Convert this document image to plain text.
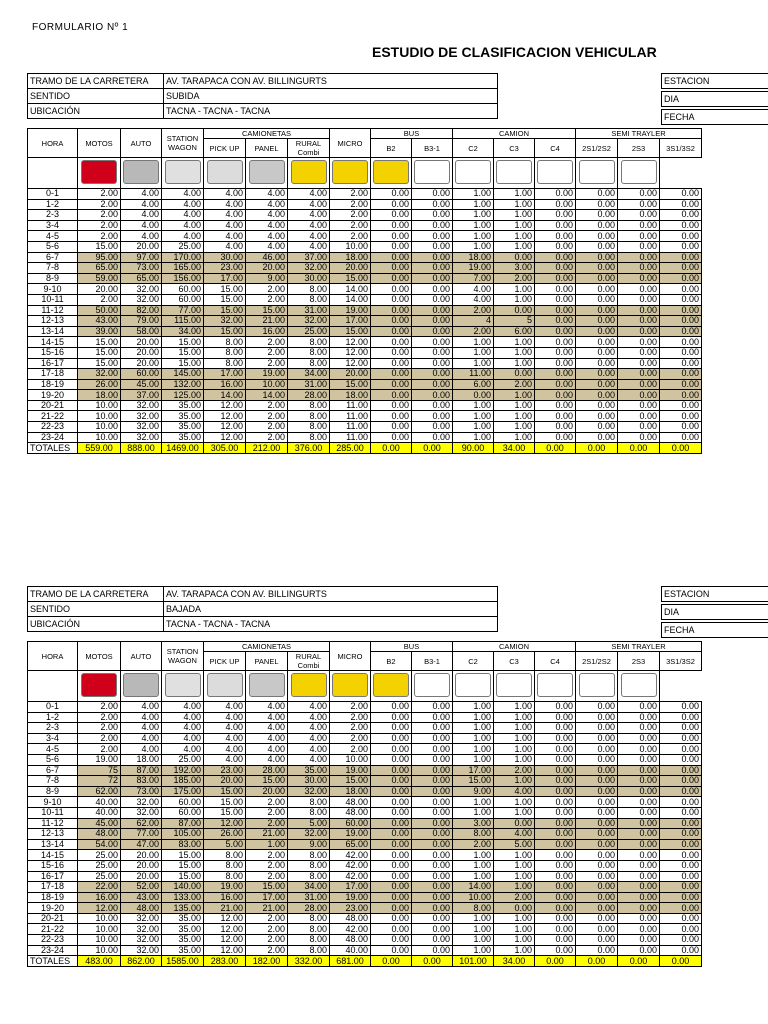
FORMULARIO Nº 1
ESTUDIO DE CLASIFICACION VEHICULAR
TRAMO DE LA CARRETERA	AV. TARAPACA CON AV. BILLINGURTS
SENTIDO	SUBIDA
UBICACIÓN	TACNA - TACNA - TACNA
ESTACION
DIA
FECHA
HORA	MOTOS	AUTO	STATION WAGON	CAMIONETAS			MICRO	BUS		CAMION			SEMI TRAYLER		
				PICK UP	PANEL	RURAL Combi		B2	B3-1	C2	C3	C4	2S1/2S2	2S3	3S1/3S2

0-1	2.00	4.00	4.00	4.00	4.00	4.00	2.00	0.00	0.00	1.00	1.00	0.00	0.00	0.00	0.00
1-2	2.00	4.00	4.00	4.00	4.00	4.00	2.00	0.00	0.00	1.00	1.00	0.00	0.00	0.00	0.00
2-3	2.00	4.00	4.00	4.00	4.00	4.00	2.00	0.00	0.00	1.00	1.00	0.00	0.00	0.00	0.00
3-4	2.00	4.00	4.00	4.00	4.00	4.00	2.00	0.00	0.00	1.00	1.00	0.00	0.00	0.00	0.00
4-5	2.00	4.00	4.00	4.00	4.00	4.00	2.00	0.00	0.00	1.00	1.00	0.00	0.00	0.00	0.00
5-6	15.00	20.00	25.00	4.00	4.00	4.00	10.00	0.00	0.00	1.00	1.00	0.00	0.00	0.00	0.00
6-7	95.00	97.00	170.00	30.00	46.00	37.00	18.00	0.00	0.00	18.00	0.00	0.00	0.00	0.00	0.00
7-8	65.00	73.00	165.00	23.00	20.00	32.00	20.00	0.00	0.00	19.00	3.00	0.00	0.00	0.00	0.00
8-9	59.00	65.00	156.00	17.00	9.00	30.00	15.00	0.00	0.00	7.00	2.00	0.00	0.00	0.00	0.00
9-10	20.00	32.00	60.00	15.00	2.00	8.00	14.00	0.00	0.00	4.00	1.00	0.00	0.00	0.00	0.00
10-11	2.00	32.00	60.00	15.00	2.00	8.00	14.00	0.00	0.00	4.00	1.00	0.00	0.00	0.00	0.00
11-12	50.00	82.00	77.00	15.00	15.00	31.00	19.00	0.00	0.00	2.00	0.00	0.00	0.00	0.00	0.00
12-13	43.00	79.00	115.00	32.00	21.00	32.00	17.00	0.00	0.00	4	5	0.00	0.00	0.00	0.00
13-14	39.00	58.00	34.00	15.00	16.00	25.00	15.00	0.00	0.00	2.00	6.00	0.00	0.00	0.00	0.00
14-15	15.00	20.00	15.00	8.00	2.00	8.00	12.00	0.00	0.00	1.00	1.00	0.00	0.00	0.00	0.00
15-16	15.00	20.00	15.00	8.00	2.00	8.00	12.00	0.00	0.00	1.00	1.00	0.00	0.00	0.00	0.00
16-17	15.00	20.00	15.00	8.00	2.00	8.00	12.00	0.00	0.00	1.00	1.00	0.00	0.00	0.00	0.00
17-18	32.00	60.00	145.00	17.00	19.00	34.00	20.00	0.00	0.00	11.00	0.00	0.00	0.00	0.00	0.00
18-19	26.00	45.00	132.00	16.00	10.00	31.00	15.00	0.00	0.00	6.00	2.00	0.00	0.00	0.00	0.00
19-20	18.00	37.00	125.00	14.00	14.00	28.00	18.00	0.00	0.00	0.00	1.00	0.00	0.00	0.00	0.00
20-21	10.00	32.00	35.00	12.00	2.00	8.00	11.00	0.00	0.00	1.00	1.00	0.00	0.00	0.00	0.00
21-22	10.00	32.00	35.00	12.00	2.00	8.00	11.00	0.00	0.00	1.00	1.00	0.00	0.00	0.00	0.00
22-23	10.00	32.00	35.00	12.00	2.00	8.00	11.00	0.00	0.00	1.00	1.00	0.00	0.00	0.00	0.00
23-24	10.00	32.00	35.00	12.00	2.00	8.00	11.00	0.00	0.00	1.00	1.00	0.00	0.00	0.00	0.00
TOTALES	559.00	888.00	1469.00	305.00	212.00	376.00	285.00	0.00	0.00	90.00	34.00	0.00	0.00	0.00	0.00
TRAMO DE LA CARRETERA	AV. TARAPACA CON AV. BILLINGURTS
SENTIDO	BAJADA
UBICACIÓN	TACNA - TACNA - TACNA
ESTACION
DIA
FECHA
HORA	MOTOS	AUTO	STATION WAGON	CAMIONETAS			MICRO	BUS		CAMION			SEMI TRAYLER		
				PICK UP	PANEL	RURAL Combi		B2	B3-1	C2	C3	C4	2S1/2S2	2S3	3S1/3S2

0-1	2.00	4.00	4.00	4.00	4.00	4.00	2.00	0.00	0.00	1.00	1.00	0.00	0.00	0.00	0.00
1-2	2.00	4.00	4.00	4.00	4.00	4.00	2.00	0.00	0.00	1.00	1.00	0.00	0.00	0.00	0.00
2-3	2.00	4.00	4.00	4.00	4.00	4.00	2.00	0.00	0.00	1.00	1.00	0.00	0.00	0.00	0.00
3-4	2.00	4.00	4.00	4.00	4.00	4.00	2.00	0.00	0.00	1.00	1.00	0.00	0.00	0.00	0.00
4-5	2.00	4.00	4.00	4.00	4.00	4.00	2.00	0.00	0.00	1.00	1.00	0.00	0.00	0.00	0.00
5-6	19.00	18.00	25.00	4.00	4.00	4.00	10.00	0.00	0.00	1.00	1.00	0.00	0.00	0.00	0.00
6-7	75	87.00	192.00	23.00	28.00	35.00	19.00	0.00	0.00	17.00	2.00	0.00	0.00	0.00	0.00
7-8	72	83.00	185.00	20.00	15.00	30.00	15.00	0.00	0.00	15.00	1.00	0.00	0.00	0.00	0.00
8-9	62.00	73.00	175.00	15.00	20.00	32.00	18.00	0.00	0.00	9.00	4.00	0.00	0.00	0.00	0.00
9-10	40.00	32.00	60.00	15.00	2.00	8.00	48.00	0.00	0.00	1.00	1.00	0.00	0.00	0.00	0.00
10-11	40.00	32.00	60.00	15.00	2.00	8.00	48.00	0.00	0.00	1.00	1.00	0.00	0.00	0.00	0.00
11-12	45.00	62.00	87.00	12.00	2.00	5.00	60.00	0.00	0.00	3.00	0.00	0.00	0.00	0.00	0.00
12-13	48.00	77.00	105.00	26.00	21.00	32.00	19.00	0.00	0.00	8.00	4.00	0.00	0.00	0.00	0.00
13-14	54.00	47.00	83.00	5.00	1.00	9.00	65.00	0.00	0.00	2.00	5.00	0.00	0.00	0.00	0.00
14-15	25.00	20.00	15.00	8.00	2.00	8.00	42.00	0.00	0.00	1.00	1.00	0.00	0.00	0.00	0.00
15-16	25.00	20.00	15.00	8.00	2.00	8.00	42.00	0.00	0.00	1.00	1.00	0.00	0.00	0.00	0.00
16-17	25.00	20.00	15.00	8.00	2.00	8.00	42.00	0.00	0.00	1.00	1.00	0.00	0.00	0.00	0.00
17-18	22.00	52.00	140.00	19.00	15.00	34.00	17.00	0.00	0.00	14.00	1.00	0.00	0.00	0.00	0.00
18-19	16.00	43.00	133.00	16.00	17.00	31.00	19.00	0.00	0.00	10.00	2.00	0.00	0.00	0.00	0.00
19-20	12.00	48.00	135.00	21.00	21.00	28.00	23.00	0.00	0.00	8.00	0.00	0.00	0.00	0.00	0.00
20-21	10.00	32.00	35.00	12.00	2.00	8.00	48.00	0.00	0.00	1.00	1.00	0.00	0.00	0.00	0.00
21-22	10.00	32.00	35.00	12.00	2.00	8.00	42.00	0.00	0.00	1.00	1.00	0.00	0.00	0.00	0.00
22-23	10.00	32.00	35.00	12.00	2.00	8.00	48.00	0.00	0.00	1.00	1.00	0.00	0.00	0.00	0.00
23-24	10.00	32.00	35.00	12.00	2.00	8.00	40.00	0.00	0.00	1.00	1.00	0.00	0.00	0.00	0.00
TOTALES	483.00	862.00	1585.00	283.00	182.00	332.00	681.00	0.00	0.00	101.00	34.00	0.00	0.00	0.00	0.00
